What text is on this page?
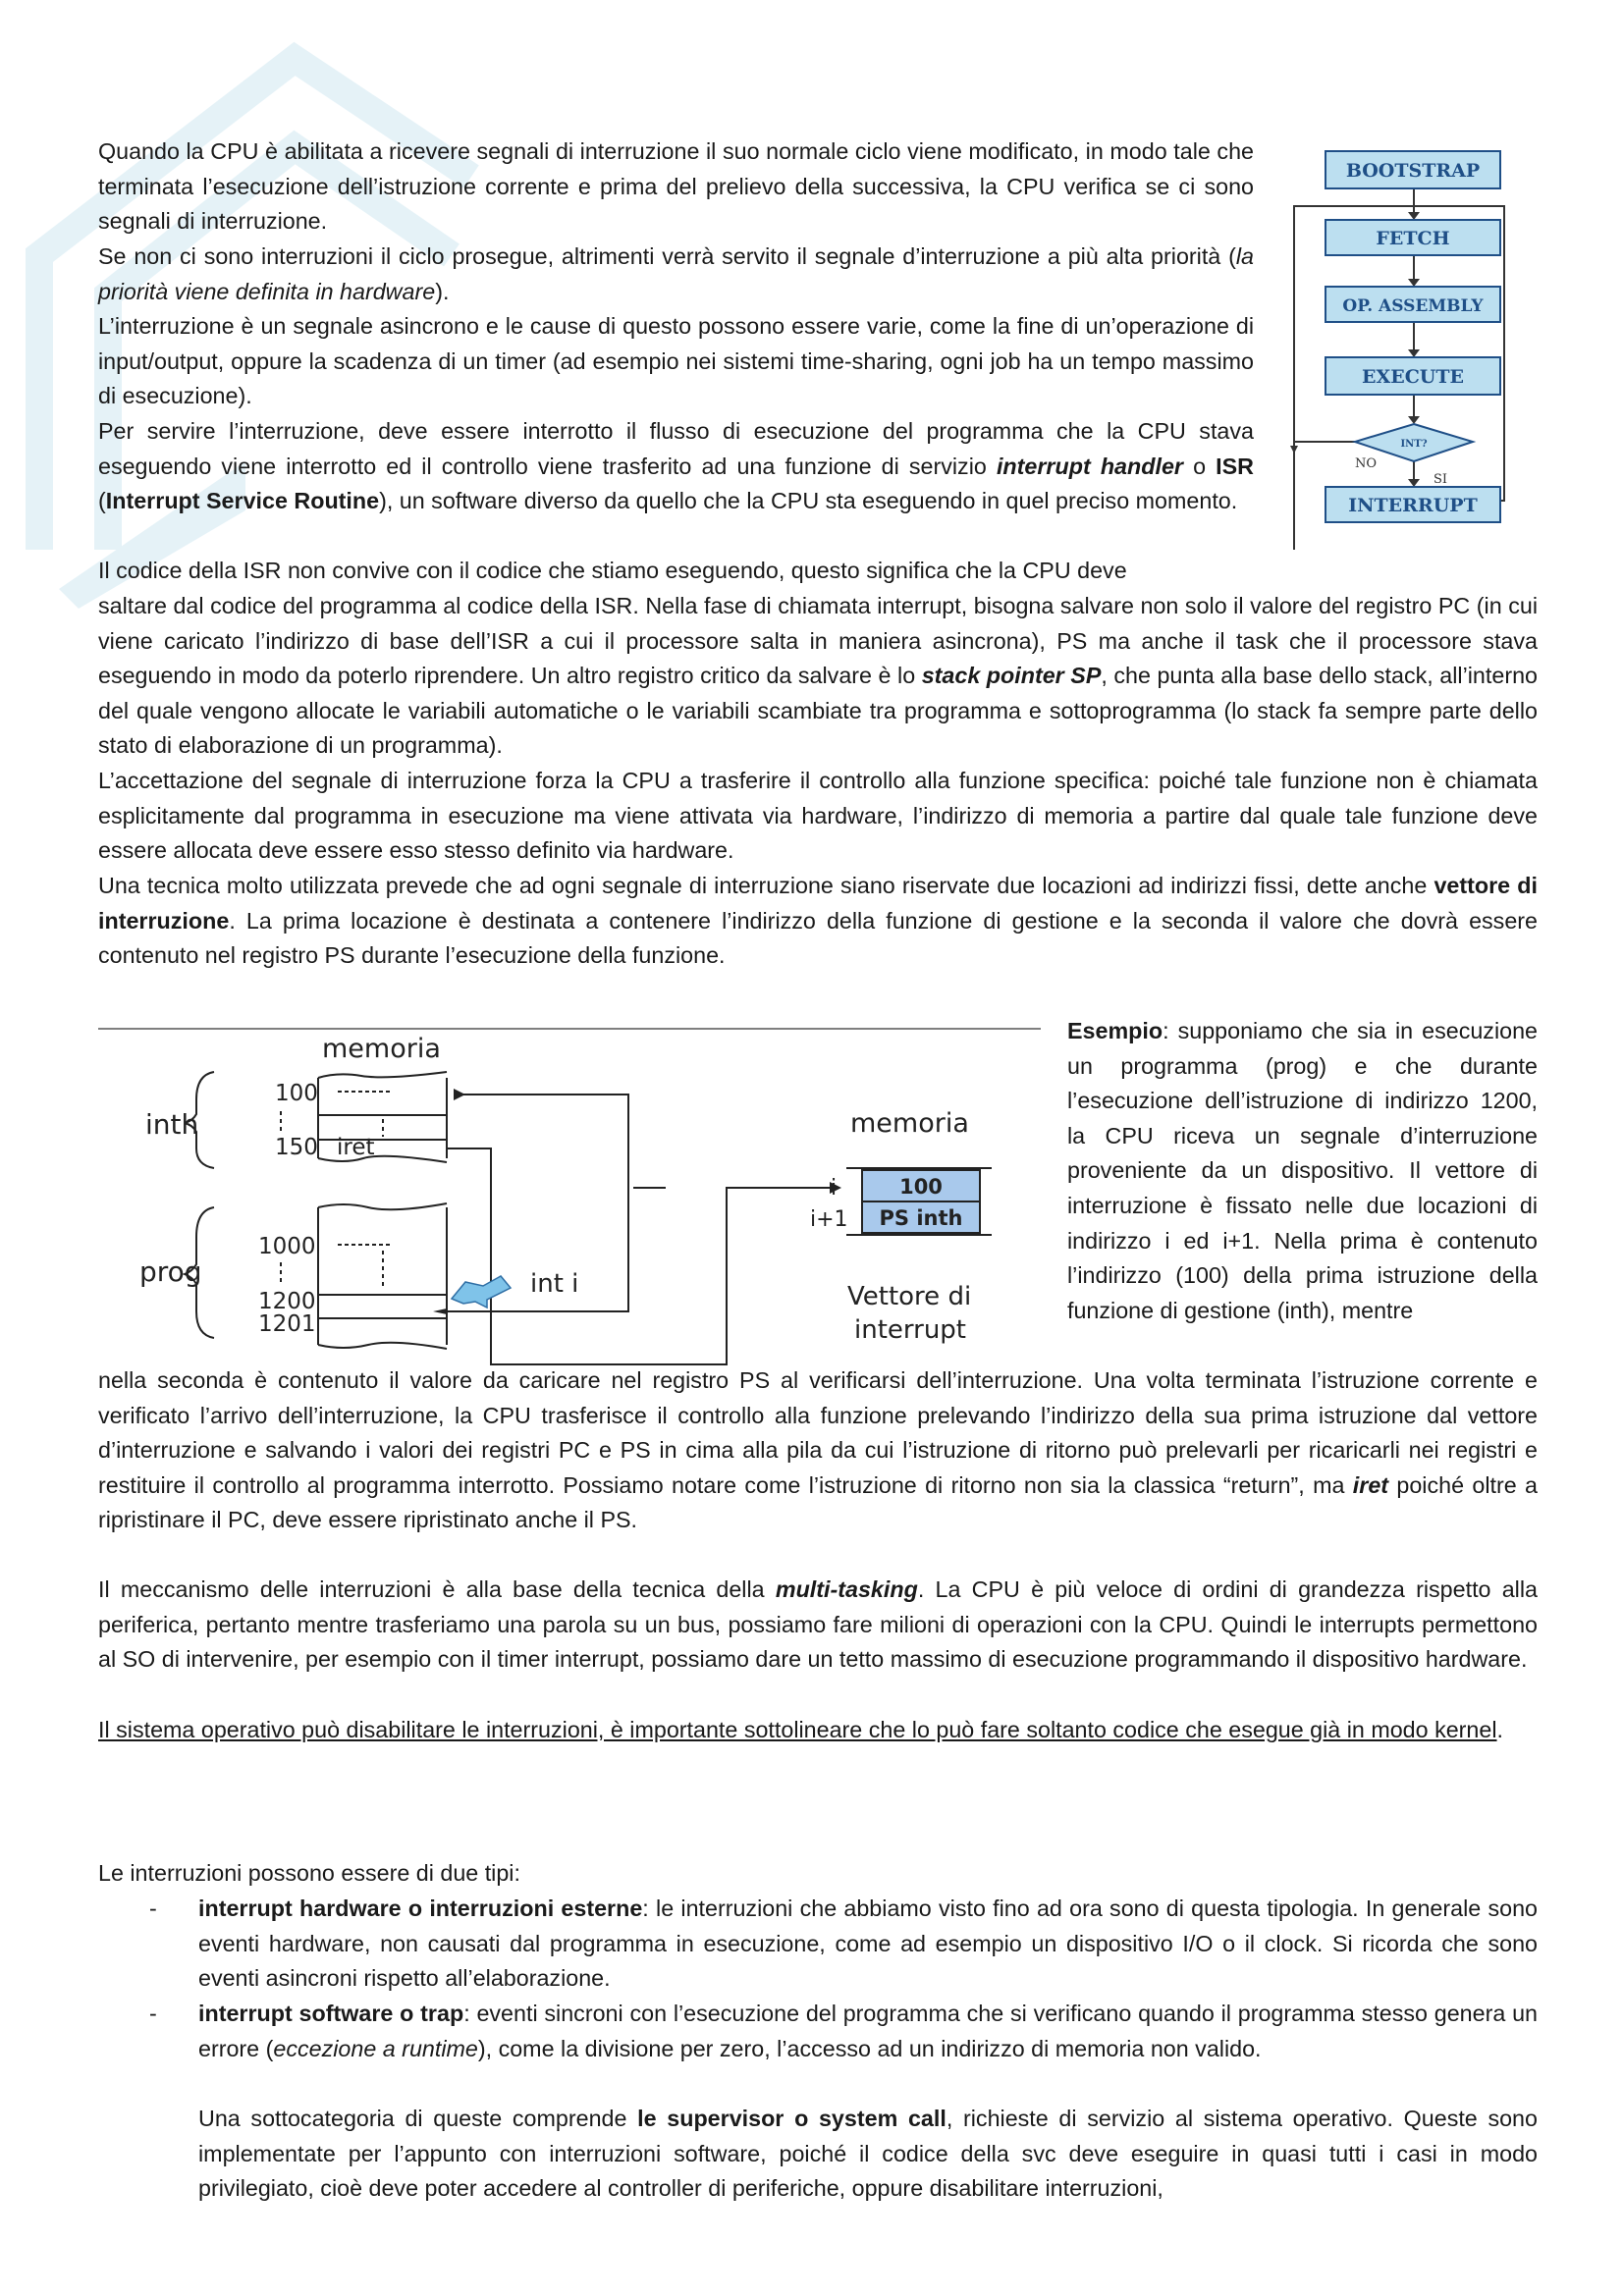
BOOTSTRAP
FETCH
OP. ASSEMBLY
EXECUTE
INT?
NO
SI
INTERRUPT
Quando la CPU è abilitata a ricevere segnali di interruzione il suo normale ciclo viene modificato, in modo tale che terminata l’esecuzione dell’istruzione corrente e prima del prelievo della successiva, la CPU verifica se ci sono segnali di interruzione.
Se non ci sono interruzioni il ciclo prosegue, altrimenti verrà servito il segnale d’interruzione a più alta priorità (la priorità viene definita in hardware).
L’interruzione è un segnale asincrono e le cause di questo possono essere varie, come la fine di un’operazione di input/output, oppure la scadenza di un timer (ad esempio nei sistemi time-sharing, ogni job ha un tempo massimo di esecuzione).
Per servire l’interruzione, deve essere interrotto il flusso di esecuzione del programma che la CPU stava eseguendo viene interrotto ed il controllo viene trasferito ad una funzione di servizio interrupt handler o ISR (Interrupt Service Routine), un software diverso da quello che la CPU sta eseguendo in quel preciso momento.
Il codice della ISR non convive con il codice che stiamo eseguendo, questo significa che la CPU deve
saltare dal codice del programma al codice della ISR. Nella fase di chiamata interrupt, bisogna salvare non solo il valore del registro PC (in cui viene caricato l’indirizzo di base dell’ISR a cui il processore salta in maniera asincrona), PS ma anche il task che il processore stava eseguendo in modo da poterlo riprendere. Un altro registro critico da salvare è lo stack pointer SP, che punta alla base dello stack, all’interno del quale vengono allocate le variabili automatiche o le variabili scambiate tra programma e sottoprogramma (lo stack fa sempre parte dello stato di elaborazione di un programma).
L’accettazione del segnale di interruzione forza la CPU a trasferire il controllo alla funzione specifica: poiché tale funzione non è chiamata esplicitamente dal programma in esecuzione ma viene attivata via hardware, l’indirizzo di memoria a partire dal quale tale funzione deve essere allocata deve essere esso stesso definito via hardware.
Una tecnica molto utilizzata prevede che ad ogni segnale di interruzione siano riservate due locazioni ad indirizzi fissi, dette anche vettore di interruzione. La prima locazione è destinata a contenere l’indirizzo della funzione di gestione e la seconda il valore che dovrà essere contenuto nel registro PS durante l’esecuzione della funzione.
memoria
inth
100
150 iret
prog
1000
1200
1201
int i
memoria
i+1
Vettore di
interrupt
100
PS inth
Esempio: supponiamo che sia in esecuzione un programma (prog) e che durante l’esecuzione dell’istruzione di indirizzo 1200, la CPU riceva un segnale d’interruzione proveniente da un dispositivo. Il vettore di interruzione è fissato nelle due locazioni di indirizzo i ed i+1. Nella prima è contenuto l’indirizzo (100) della prima istruzione della funzione di gestione (inth), mentre
nella seconda è contenuto il valore da caricare nel registro PS al verificarsi dell’interruzione. Una volta terminata l’istruzione corrente e verificato l’arrivo dell’interruzione, la CPU trasferisce il controllo alla funzione prelevando l’indirizzo della sua prima istruzione dal vettore d’interruzione e salvando i valori dei registri PC e PS in cima alla pila da cui l’istruzione di ritorno può prelevarli per ricaricarli nei registri e restituire il controllo al programma interrotto. Possiamo notare come l’istruzione di ritorno non sia la classica “return”, ma iret poiché oltre a ripristinare il PC, deve essere ripristinato anche il PS.
Il meccanismo delle interruzioni è alla base della tecnica della multi-tasking. La CPU è più veloce di ordini di grandezza rispetto alla periferica, pertanto mentre trasferiamo una parola su un bus, possiamo fare milioni di operazioni con la CPU. Quindi le interrupts permettono al SO di intervenire, per esempio con il timer interrupt, possiamo dare un tetto massimo di esecuzione programmando il dispositivo hardware.
Il sistema operativo può disabilitare le interruzioni, è importante sottolineare che lo può fare soltanto codice che esegue già in modo kernel.
Le interruzioni possono essere di due tipi:
- interrupt hardware o interruzioni esterne: le interruzioni che abbiamo visto fino ad ora sono di questa tipologia. In generale sono eventi hardware, non causati dal programma in esecuzione, come ad esempio un dispositivo I/O o il clock. Si ricorda che sono eventi asincroni rispetto all’elaborazione.
- interrupt software o trap: eventi sincroni con l’esecuzione del programma che si verificano quando il programma stesso genera un errore (eccezione a runtime), come la divisione per zero, l’accesso ad un indirizzo di memoria non valido.
Una sottocategoria di queste comprende le supervisor o system call, richieste di servizio al sistema operativo. Queste sono implementate per l’appunto con interruzioni software, poiché il codice della svc deve eseguire in quasi tutti i casi in modo privilegiato, cioè deve poter accedere al controller di periferiche, oppure disabilitare interruzioni,
